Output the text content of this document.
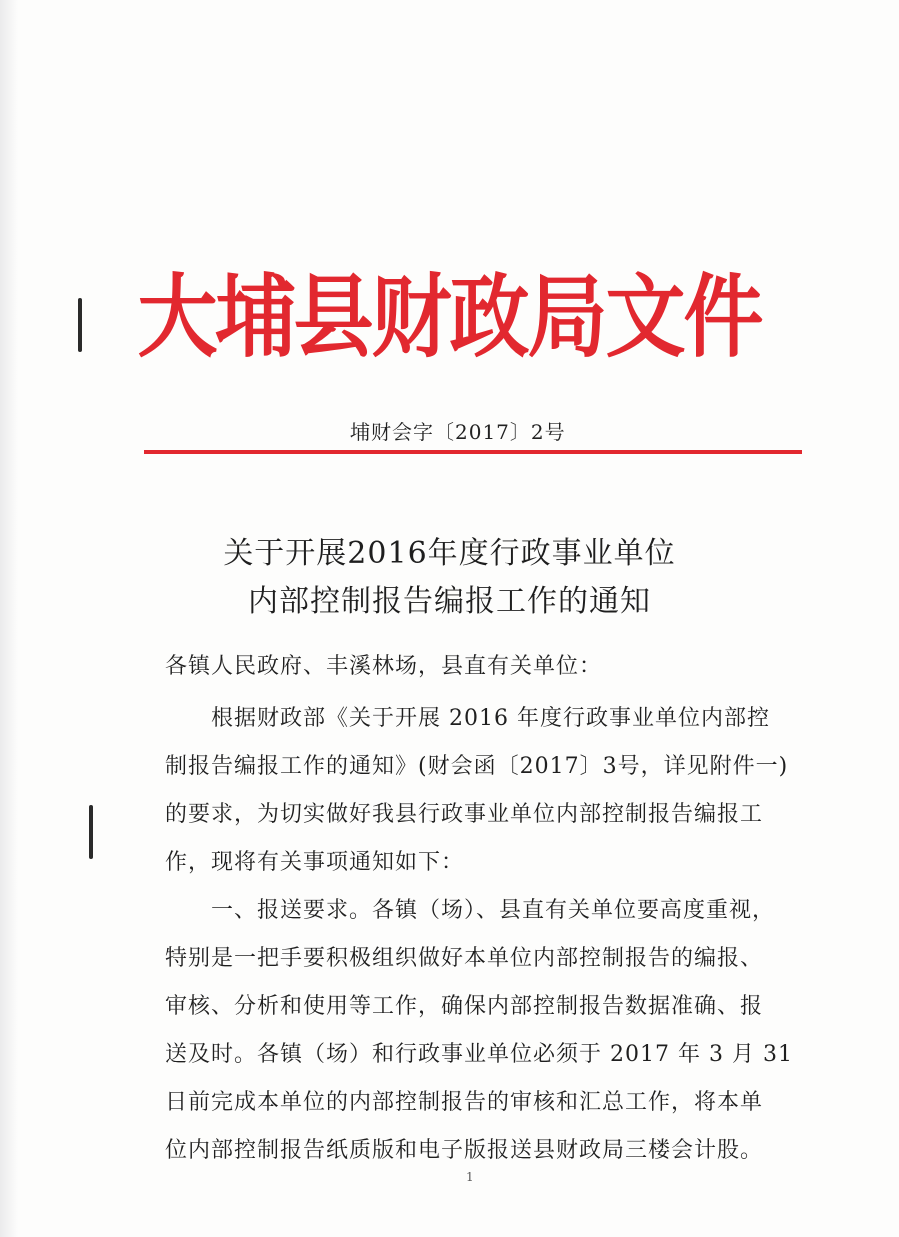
大埔县财政局文件
埔财会字〔2017〕2号
关于开展2016年度行政事业单位
内部控制报告编报工作的通知
各镇人民政府、丰溪林场，县直有关单位：
　　根据财政部《关于开展 2016 年度行政事业单位内部控
制报告编报工作的通知》(财会函〔2017〕3号，详见附件一)
的要求，为切实做好我县行政事业单位内部控制报告编报工
作，现将有关事项通知如下：
　　一、报送要求。各镇（场）、县直有关单位要高度重视，
特别是一把手要积极组织做好本单位内部控制报告的编报、
审核、分析和使用等工作，确保内部控制报告数据准确、报
送及时。各镇（场）和行政事业单位必须于 2017 年 3 月 31
日前完成本单位的内部控制报告的审核和汇总工作，将本单
位内部控制报告纸质版和电子版报送县财政局三楼会计股。
1
